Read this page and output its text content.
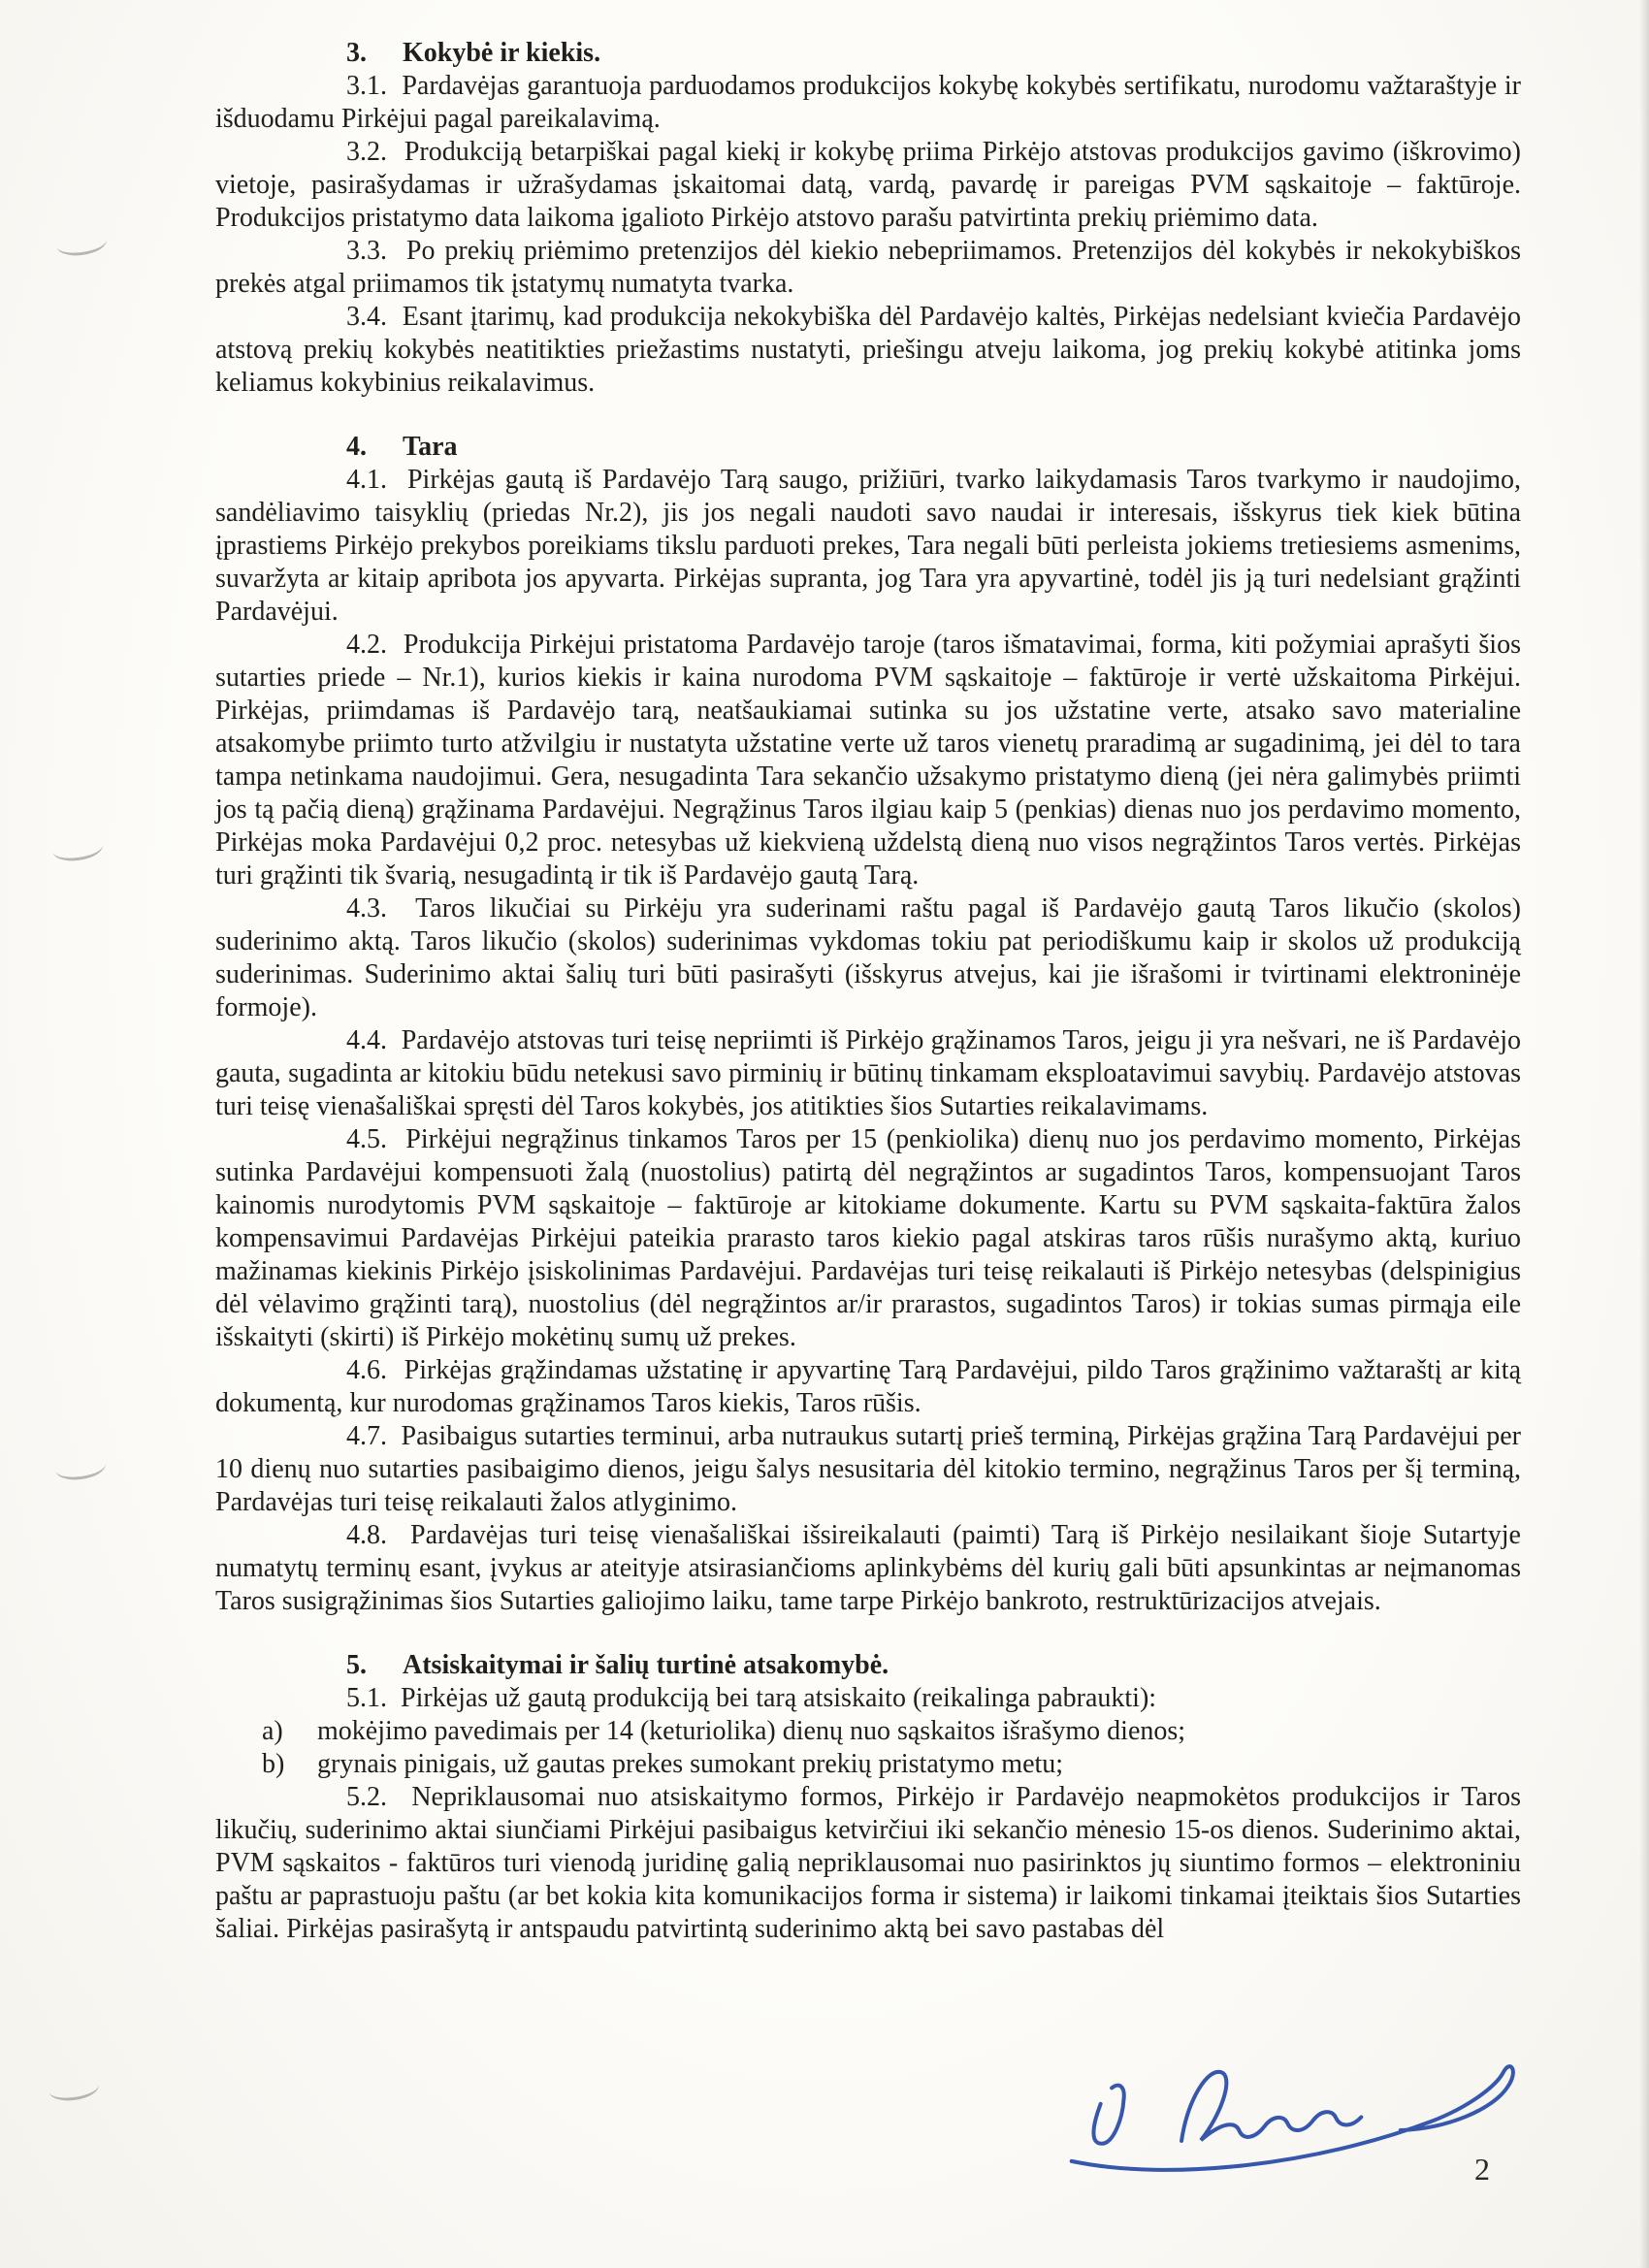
3. Kokybė ir kiekis.

3.1.  Pardavėjas garantuoja parduodamos produkcijos kokybę kokybės sertifikatu, nurodomu važtaraštyje ir išduodamu Pirkėjui pagal pareikalavimą.

3.2.  Produkciją betarpiškai pagal kiekį ir kokybę priima Pirkėjo atstovas produkcijos gavimo (iškrovimo) vietoje, pasirašydamas ir užrašydamas įskaitomai datą, vardą, pavardę ir pareigas PVM sąskaitoje – faktūroje. Produkcijos pristatymo data laikoma įgalioto Pirkėjo atstovo parašu patvirtinta prekių priėmimo data.

3.3.  Po prekių priėmimo pretenzijos dėl kiekio nebepriimamos. Pretenzijos dėl kokybės ir nekokybiškos prekės atgal priimamos tik įstatymų numatyta tvarka.

3.4.  Esant įtarimų, kad produkcija nekokybiška dėl Pardavėjo kaltės, Pirkėjas nedelsiant kviečia Pardavėjo atstovą prekių kokybės neatitikties priežastims nustatyti, priešingu atveju laikoma, jog prekių kokybė atitinka joms keliamus kokybinius reikalavimus.

4. Tara

4.1.  Pirkėjas gautą iš Pardavėjo Tarą saugo, prižiūri, tvarko laikydamasis Taros tvarkymo ir naudojimo, sandėliavimo taisyklių (priedas Nr.2), jis jos negali naudoti savo naudai ir interesais, išskyrus tiek kiek būtina įprastiems Pirkėjo prekybos poreikiams tikslu parduoti prekes, Tara negali būti perleista jokiems tretiesiems asmenims, suvaržyta ar kitaip apribota jos apyvarta. Pirkėjas supranta, jog Tara yra apyvartinė, todėl jis ją turi nedelsiant grąžinti Pardavėjui.

4.2.  Produkcija Pirkėjui pristatoma Pardavėjo taroje (taros išmatavimai, forma, kiti požymiai aprašyti šios sutarties priede – Nr.1), kurios kiekis ir kaina nurodoma PVM sąskaitoje – faktūroje ir vertė užskaitoma Pirkėjui. Pirkėjas, priimdamas iš Pardavėjo tarą, neatšaukiamai sutinka su jos užstatine verte, atsako savo materialine atsakomybe priimto turto atžvilgiu ir nustatyta užstatine verte už taros vienetų praradimą ar sugadinimą, jei dėl to tara tampa netinkama naudojimui. Gera, nesugadinta Tara sekančio užsakymo pristatymo dieną (jei nėra galimybės priimti jos tą pačią dieną) grąžinama Pardavėjui. Negrąžinus Taros ilgiau kaip 5 (penkias) dienas nuo jos perdavimo momento, Pirkėjas moka Pardavėjui 0,2 proc. netesybas už kiekvieną uždelstą dieną nuo visos negrąžintos Taros vertės. Pirkėjas turi grąžinti tik švarią, nesugadintą ir tik iš Pardavėjo gautą Tarą.

4.3.  Taros likučiai su Pirkėju yra suderinami raštu pagal iš Pardavėjo gautą Taros likučio (skolos) suderinimo aktą. Taros likučio (skolos) suderinimas vykdomas tokiu pat periodiškumu kaip ir skolos už produkciją suderinimas. Suderinimo aktai šalių turi būti pasirašyti (išskyrus atvejus, kai jie išrašomi ir tvirtinami elektroninėje formoje).

4.4.  Pardavėjo atstovas turi teisę nepriimti iš Pirkėjo grąžinamos Taros, jeigu ji yra nešvari, ne iš Pardavėjo gauta, sugadinta ar kitokiu būdu netekusi savo pirminių ir būtinų tinkamam eksploatavimui savybių. Pardavėjo atstovas turi teisę vienašališkai spręsti dėl Taros kokybės, jos atitikties šios Sutarties reikalavimams.

4.5.  Pirkėjui negrąžinus tinkamos Taros per 15 (penkiolika) dienų nuo jos perdavimo momento, Pirkėjas sutinka Pardavėjui kompensuoti žalą (nuostolius) patirtą dėl negrąžintos ar sugadintos Taros, kompensuojant Taros kainomis nurodytomis PVM sąskaitoje – faktūroje ar kitokiame dokumente. Kartu su PVM sąskaita-faktūra žalos kompensavimui Pardavėjas Pirkėjui pateikia prarasto taros kiekio pagal atskiras taros rūšis nurašymo aktą, kuriuo mažinamas kiekinis Pirkėjo įsiskolinimas Pardavėjui. Pardavėjas turi teisę reikalauti iš Pirkėjo netesybas (delspinigius dėl vėlavimo grąžinti tarą), nuostolius (dėl negrąžintos ar/ir prarastos, sugadintos Taros) ir tokias sumas pirmąja eile išskaityti (skirti) iš Pirkėjo mokėtinų sumų už prekes.

4.6.  Pirkėjas grąžindamas užstatinę ir apyvartinę Tarą Pardavėjui, pildo Taros grąžinimo važtaraštį ar kitą dokumentą, kur nurodomas grąžinamos Taros kiekis, Taros rūšis.

4.7.  Pasibaigus sutarties terminui, arba nutraukus sutartį prieš terminą, Pirkėjas grąžina Tarą Pardavėjui per 10 dienų nuo sutarties pasibaigimo dienos, jeigu šalys nesusitaria dėl kitokio termino, negrąžinus Taros per šį terminą, Pardavėjas turi teisę reikalauti žalos atlyginimo.

4.8.  Pardavėjas turi teisę vienašališkai išsireikalauti (paimti) Tarą iš Pirkėjo nesilaikant šioje Sutartyje numatytų terminų esant, įvykus ar ateityje atsirasiančioms aplinkybėms dėl kurių gali būti apsunkintas ar neįmanomas Taros susigrąžinimas šios Sutarties galiojimo laiku, tame tarpe Pirkėjo bankroto, restruktūrizacijos atvejais.

5. Atsiskaitymai ir šalių turtinė atsakomybė.

5.1.  Pirkėjas už gautą produkciją bei tarą atsiskaito (reikalinga pabraukti):

a) mokėjimo pavedimais per 14 (keturiolika) dienų nuo sąskaitos išrašymo dienos;
b) grynais pinigais, už gautas prekes sumokant prekių pristatymo metu;

5.2.  Nepriklausomai nuo atsiskaitymo formos, Pirkėjo ir Pardavėjo neapmokėtos produkcijos ir Taros likučių, suderinimo aktai siunčiami Pirkėjui pasibaigus ketvirčiui iki sekančio mėnesio 15-os dienos. Suderinimo aktai, PVM sąskaitos - faktūros turi vienodą juridinę galią nepriklausomai nuo pasirinktos jų siuntimo formos – elektroniniu paštu ar paprastuoju paštu (ar bet kokia kita komunikacijos forma ir sistema) ir laikomi tinkamai įteiktais šios Sutarties šaliai. Pirkėjas pasirašytą ir antspaudu patvirtintą suderinimo aktą bei savo pastabas dėl

2
